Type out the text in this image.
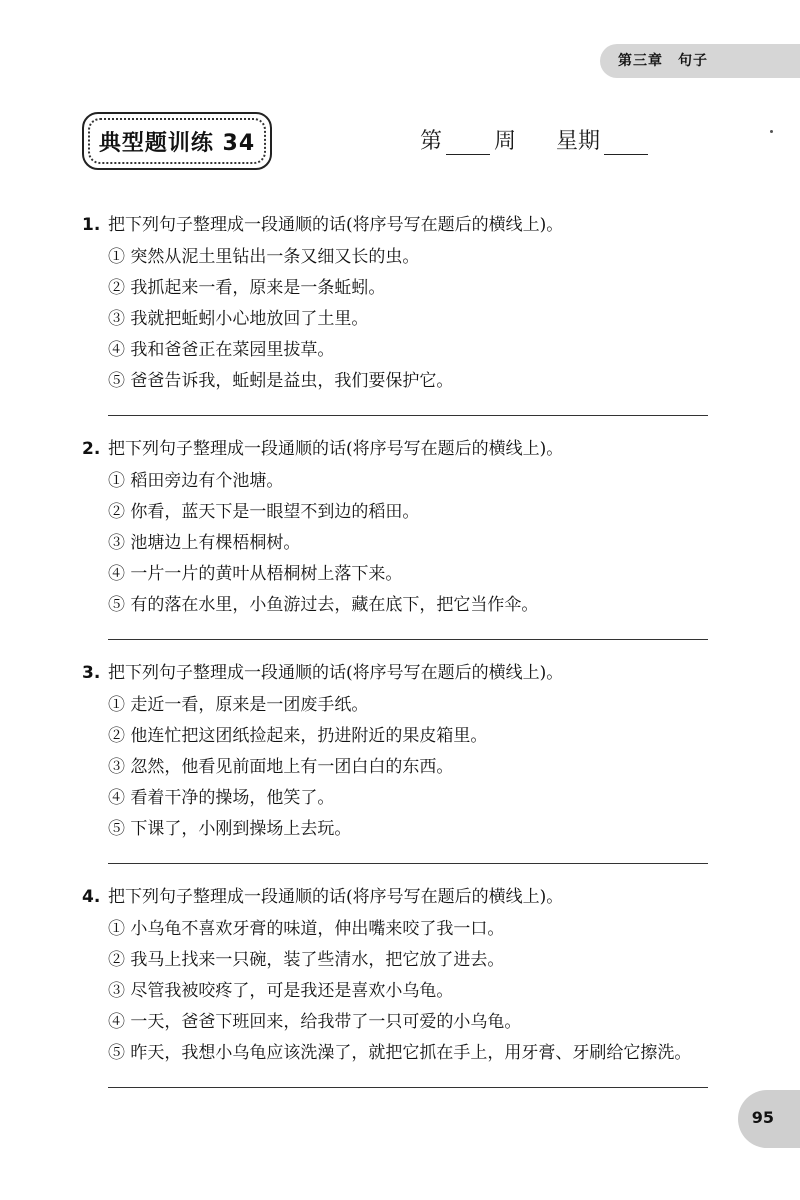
第三章　句子
典型题训练 34	第 周 星期
1. 把下列句子整理成一段通顺的话(将序号写在题后的横线上)。
① 突然从泥土里钻出一条又细又长的虫。
② 我抓起来一看，原来是一条蚯蚓。
③ 我就把蚯蚓小心地放回了土里。
④ 我和爸爸正在菜园里拔草。
⑤ 爸爸告诉我，蚯蚓是益虫，我们要保护它。
2. 把下列句子整理成一段通顺的话(将序号写在题后的横线上)。
① 稻田旁边有个池塘。
② 你看，蓝天下是一眼望不到边的稻田。
③ 池塘边上有棵梧桐树。
④ 一片一片的黄叶从梧桐树上落下来。
⑤ 有的落在水里，小鱼游过去，藏在底下，把它当作伞。
3. 把下列句子整理成一段通顺的话(将序号写在题后的横线上)。
① 走近一看，原来是一团废手纸。
② 他连忙把这团纸捡起来，扔进附近的果皮箱里。
③ 忽然，他看见前面地上有一团白白的东西。
④ 看着干净的操场，他笑了。
⑤ 下课了，小刚到操场上去玩。
4. 把下列句子整理成一段通顺的话(将序号写在题后的横线上)。
① 小乌龟不喜欢牙膏的味道，伸出嘴来咬了我一口。
② 我马上找来一只碗，装了些清水，把它放了进去。
③ 尽管我被咬疼了，可是我还是喜欢小乌龟。
④ 一天，爸爸下班回来，给我带了一只可爱的小乌龟。
⑤ 昨天，我想小乌龟应该洗澡了，就把它抓在手上，用牙膏、牙刷给它擦洗。
95
